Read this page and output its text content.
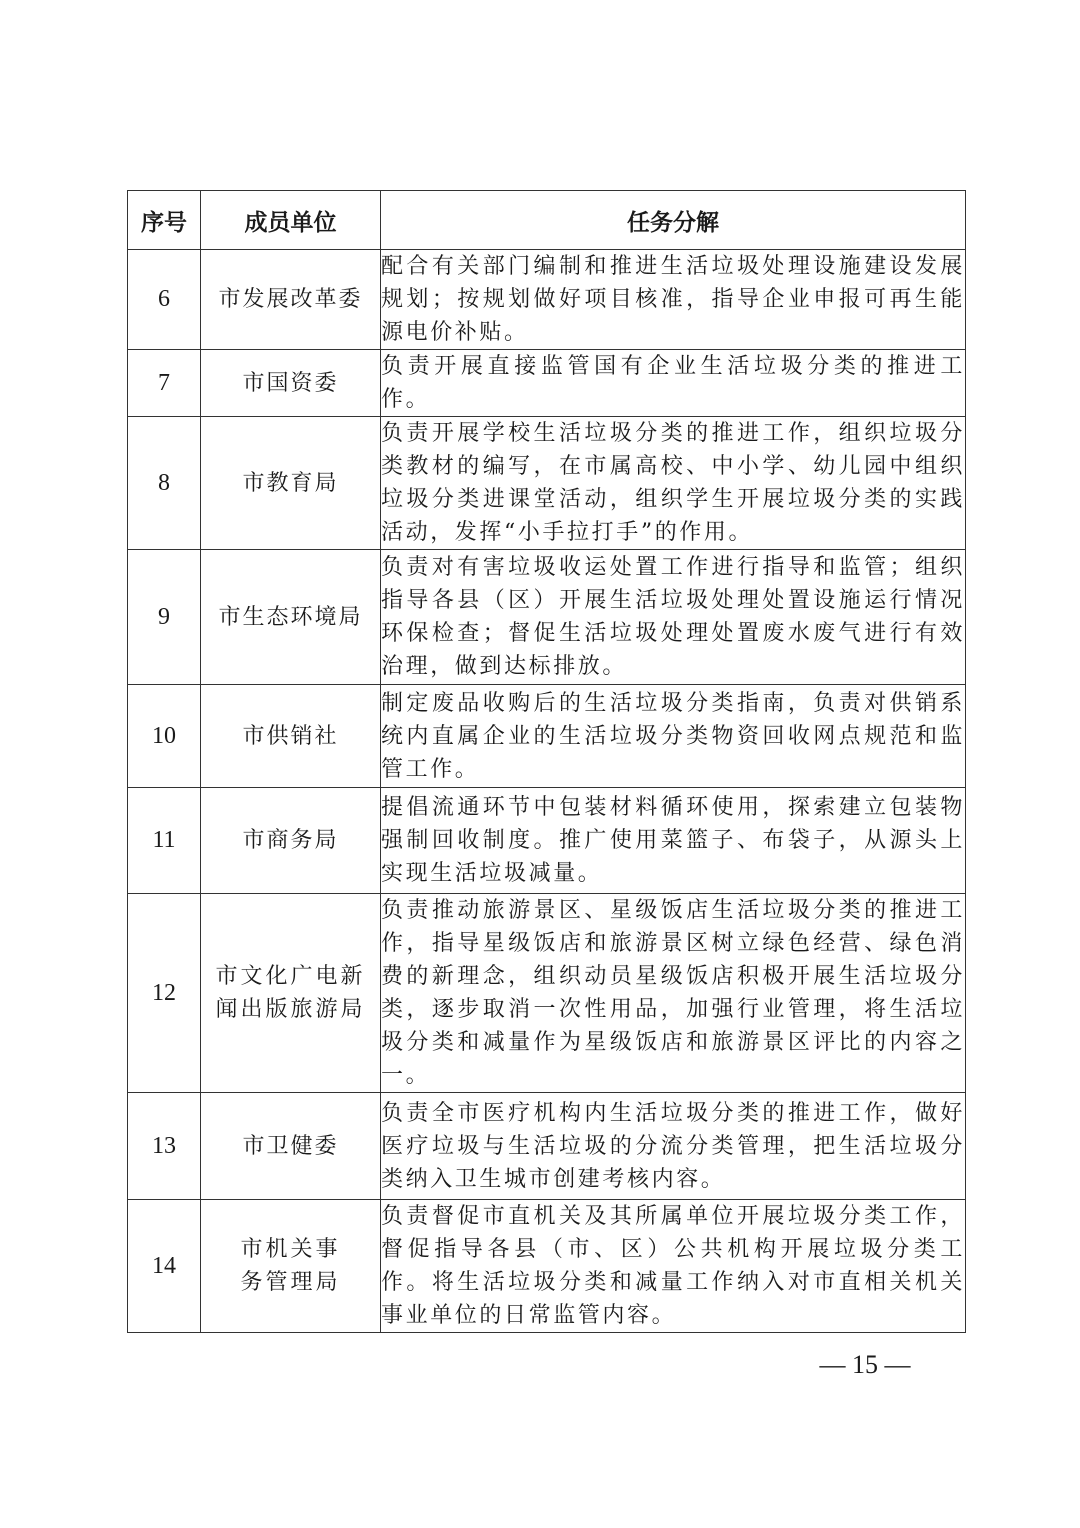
序号	成员单位	任务分解
6	市发展改革委	配合有关部门编制和推进生活垃圾处理设施建设发展规划；按规划做好项目核准，指导企业申报可再生能源电价补贴。
7	市国资委	负责开展直接监管国有企业生活垃圾分类的推进工作。
8	市教育局	负责开展学校生活垃圾分类的推进工作，组织垃圾分类教材的编写，在市属高校、中小学、幼儿园中组织垃圾分类进课堂活动，组织学生开展垃圾分类的实践活动，发挥“小手拉打手”的作用。
9	市生态环境局	负责对有害垃圾收运处置工作进行指导和监管；组织指导各县（区）开展生活垃圾处理处置设施运行情况环保检查；督促生活垃圾处理处置废水废气进行有效治理，做到达标排放。
10	市供销社	制定废品收购后的生活垃圾分类指南，负责对供销系统内直属企业的生活垃圾分类物资回收网点规范和监管工作。
11	市商务局	提倡流通环节中包装材料循环使用，探索建立包装物强制回收制度。推广使用菜篮子、布袋子，从源头上实现生活垃圾减量。
12	市文化广电新闻出版旅游局	负责推动旅游景区、星级饭店生活垃圾分类的推进工作，指导星级饭店和旅游景区树立绿色经营、绿色消费的新理念，组织动员星级饭店积极开展生活垃圾分类，逐步取消一次性用品，加强行业管理，将生活垃圾分类和减量作为星级饭店和旅游景区评比的内容之一。
13	市卫健委	负责全市医疗机构内生活垃圾分类的推进工作，做好医疗垃圾与生活垃圾的分流分类管理，把生活垃圾分类纳入卫生城市创建考核内容。
14	市机关事务管理局	负责督促市直机关及其所属单位开展垃圾分类工作，督促指导各县（市、区）公共机构开展垃圾分类工作。将生活垃圾分类和减量工作纳入对市直相关机关事业单位的日常监管内容。
— 15 —
